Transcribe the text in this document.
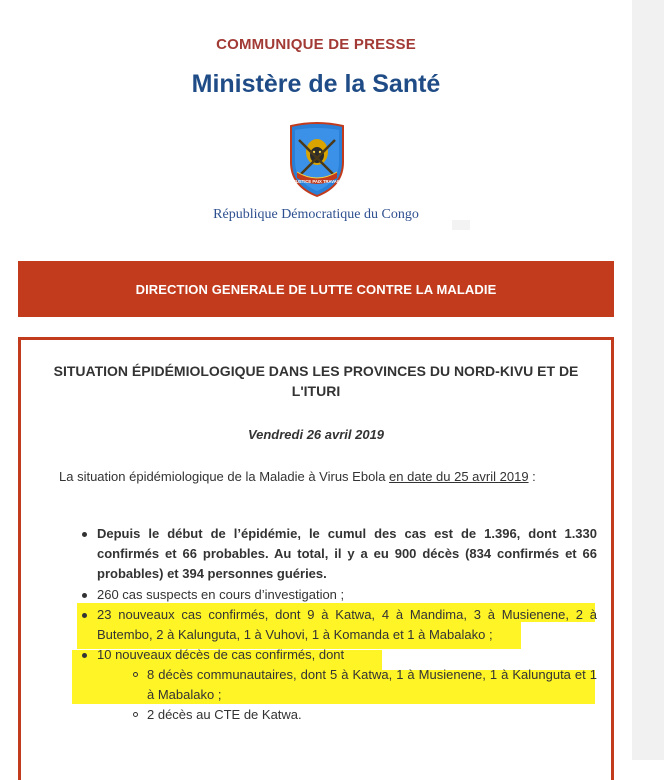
COMMUNIQUE DE PRESSE
Ministère de la Santé
JUSTICE PAIX TRAVAIL
République Démocratique du Congo
DIRECTION GENERALE DE LUTTE CONTRE LA MALADIE
SITUATION ÉPIDÉMIOLOGIQUE DANS LES PROVINCES DU NORD-KIVU ET DE L'ITURI
Vendredi 26 avril 2019
La situation épidémiologique de la Maladie à Virus Ebola en date du 25 avril 2019 :
Depuis le début de l’épidémie, le cumul des cas est de 1.396, dont 1.330 confirmés et 66 probables. Au total, il y a eu 900 décès (834 confirmés et 66 probables) et 394 personnes guéries.
260 cas suspects en cours d’investigation ;
23 nouveaux cas confirmés, dont 9 à Katwa, 4 à Mandima, 3 à Musienene, 2 à Butembo, 2 à Kalunguta, 1 à Vuhovi, 1 à Komanda et 1 à Mabalako ;
10 nouveaux décès de cas confirmés, dont
8 décès communautaires, dont 5 à Katwa, 1 à Musienene, 1 à Kalunguta et 1 à Mabalako ;
2 décès au CTE de Katwa.
